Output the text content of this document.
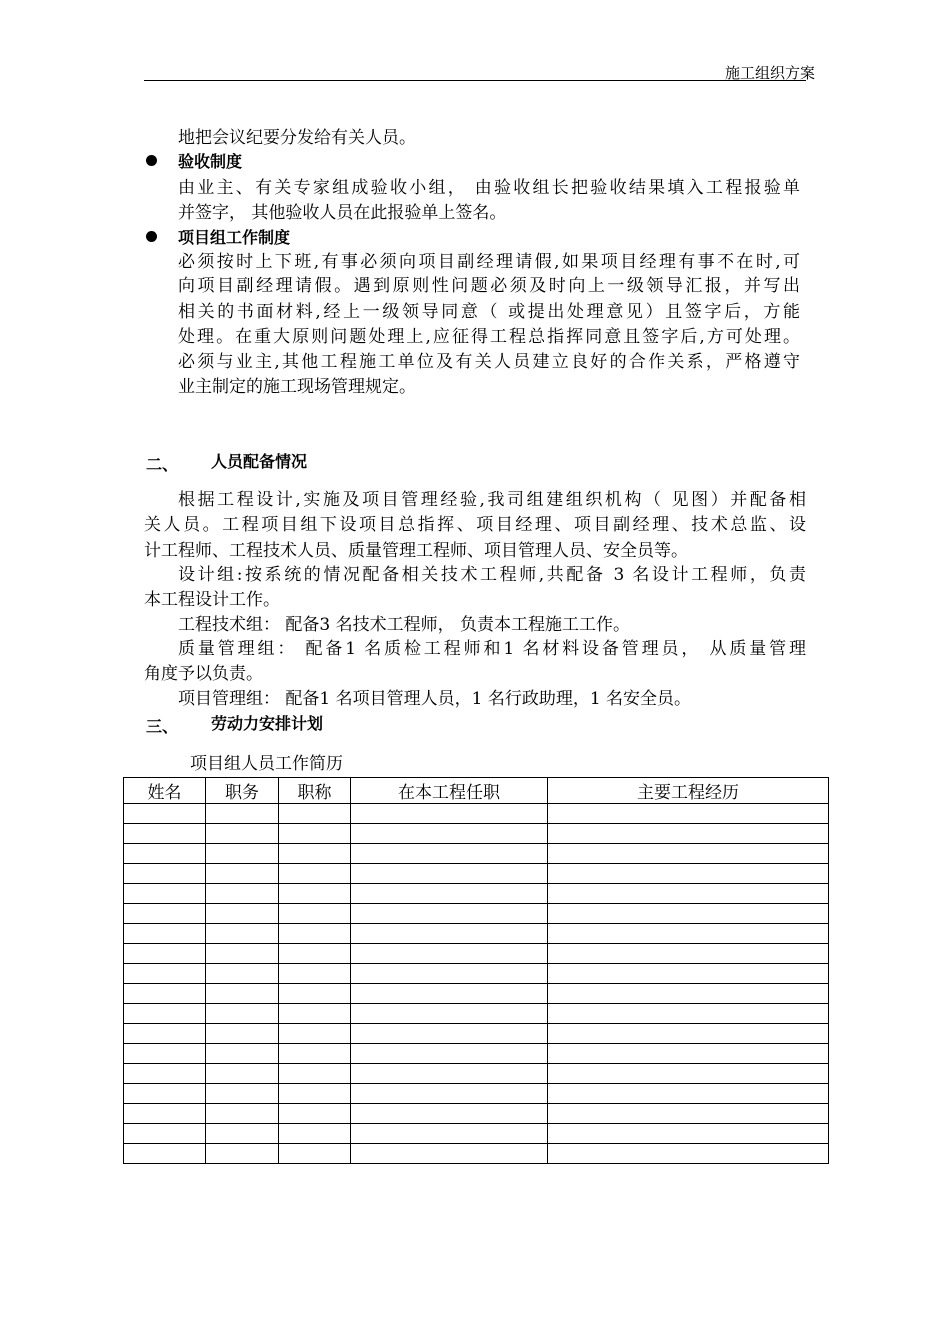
施工组织方案
地把会议纪要分发给有关人员。
验收制度
由业主、有关专家组成验收小组， 由验收组长把验收结果填入工程报验单
并签字， 其他验收人员在此报验单上签名。
项目组工作制度
必须按时上下班,有事必须向项目副经理请假,如果项目经理有事不在时,可
向项目副经理请假。遇到原则性问题必须及时向上一级领导汇报，并写出
相关的书面材料,经上一级领导同意（ 或提出处理意见）且签字后，方能
处理。在重大原则问题处理上,应征得工程总指挥同意且签字后,方可处理。
必须与业主,其他工程施工单位及有关人员建立良好的合作关系，严格遵守
业主制定的施工现场管理规定。
二、 人员配备情况
根据工程设计,实施及项目管理经验,我司组建组织机构（ 见图）并配备相
关人员。工程项目组下设项目总指挥、项目经理、项目副经理、技术总监、设
计工程师、工程技术人员、质量管理工程师、项目管理人员、安全员等。
设计组:按系统的情况配备相关技术工程师,共配备 3 名设计工程师，负责
本工程设计工作。
工程技术组： 配备3 名技术工程师， 负责本工程施工工作。
质量管理组： 配备1 名质检工程师和1 名材料设备管理员， 从质量管理
角度予以负责。
项目管理组： 配备1 名项目管理人员，1 名行政助理，1 名安全员。
三、 劳动力安排计划
项目组人员工作简历
姓名	职务	职称	在本工程任职	主要工程经历
